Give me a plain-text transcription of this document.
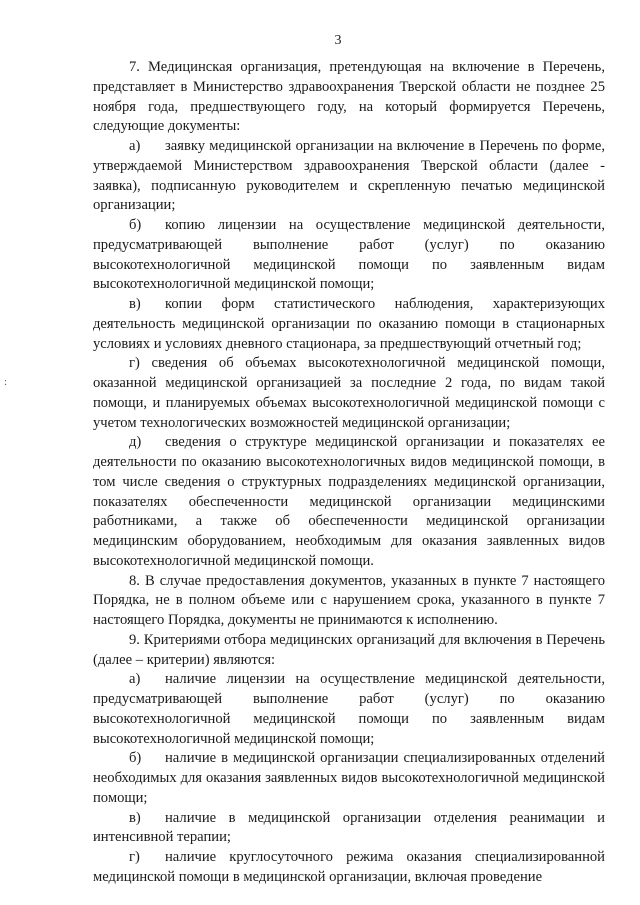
3
:

7. Медицинская организация, претендующая на включение в Перечень, представляет в Министерство здравоохранения Тверской области не позднее 25 ноября года, предшествующего году, на который формируется Перечень, следующие документы:

а) заявку медицинской организации на включение в Перечень по форме, утверждаемой Министерством здравоохранения Тверской области (далее - заявка), подписанную руководителем и скрепленную печатью медицинской организации;

б) копию лицензии на осуществление медицинской деятельности, предусматривающей выполнение работ (услуг) по оказанию высокотехнологичной медицинской помощи по заявленным видам высокотехнологичной медицинской помощи;

в) копии форм статистического наблюдения, характеризующих деятельность медицинской организации по оказанию помощи в стационарных условиях и условиях дневного стационара, за предшествующий отчетный год;

г) сведения об объемах высокотехнологичной медицинской помощи, оказанной медицинской организацией за последние 2 года, по видам такой помощи, и планируемых объемах высокотехнологичной медицинской помощи с учетом технологических возможностей медицинской организации;

д) сведения о структуре медицинской организации и показателях ее деятельности по оказанию высокотехнологичных видов медицинской помощи, в том числе сведения о структурных подразделениях медицинской организации, показателях обеспеченности медицинской организации медицинскими работниками, а также об обеспеченности медицинской организации медицинским оборудованием, необходимым для оказания заявленных видов высокотехнологичной медицинской помощи.

8. В случае предоставления документов, указанных в пункте 7 настоящего Порядка, не в полном объеме или с нарушением срока, указанного в пункте 7 настоящего Порядка, документы не принимаются к исполнению.

9. Критериями отбора медицинских организаций для включения в Перечень (далее – критерии) являются:

а) наличие лицензии на осуществление медицинской деятельности, предусматривающей выполнение работ (услуг) по оказанию высокотехнологичной медицинской помощи по заявленным видам высокотехнологичной медицинской помощи;

б) наличие в медицинской организации специализированных отделений необходимых для оказания заявленных видов высокотехнологичной медицинской помощи;

в) наличие в медицинской организации отделения реанимации и интенсивной терапии;

г) наличие круглосуточного режима оказания специализированной медицинской помощи в медицинской организации, включая проведение
